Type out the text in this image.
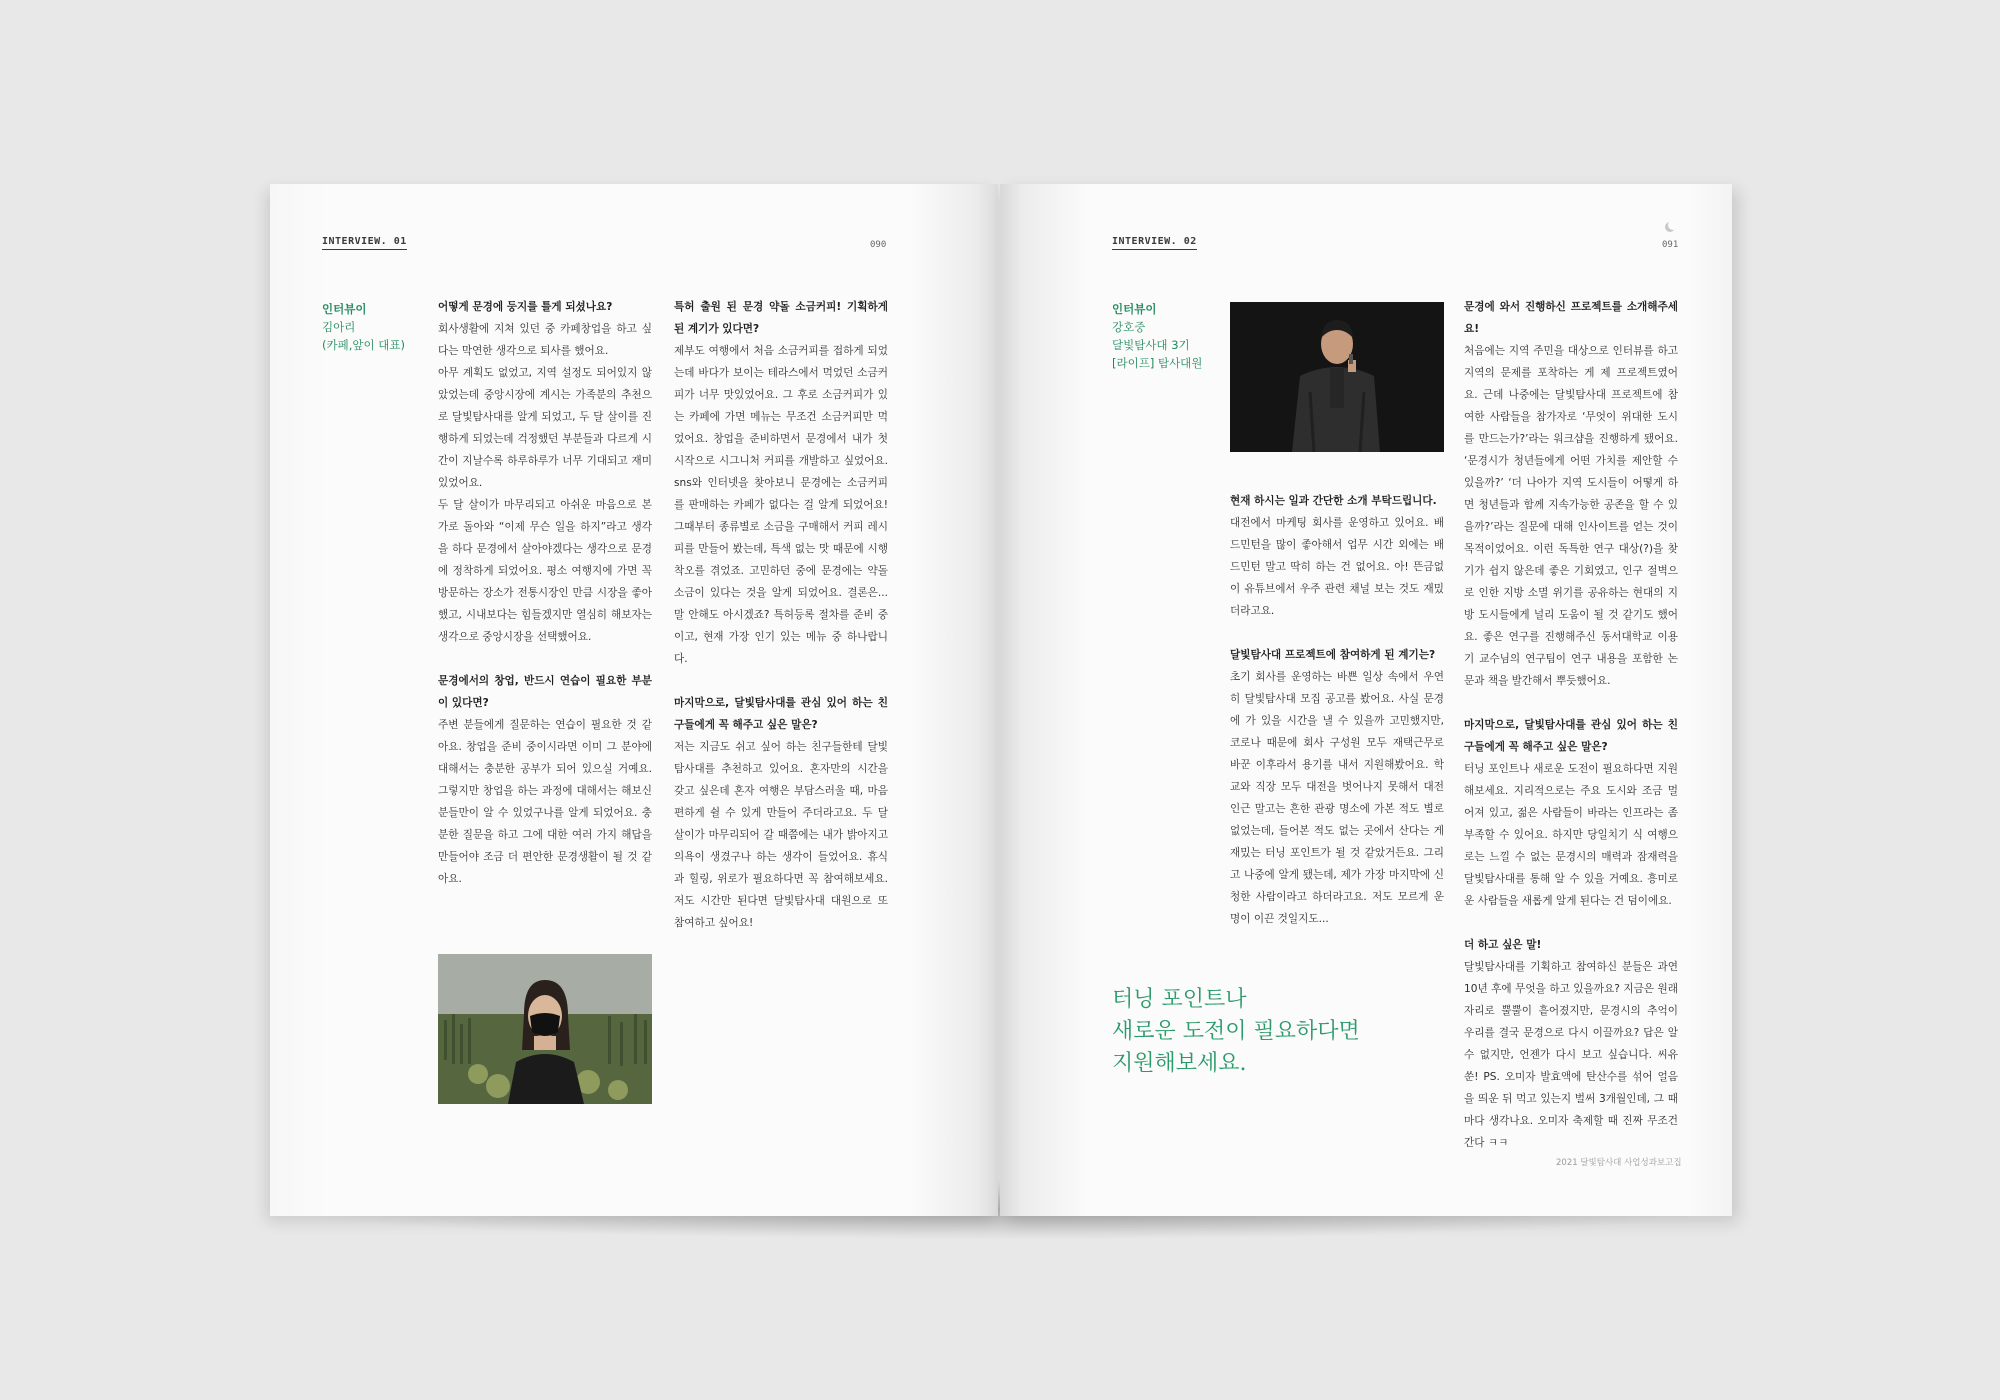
INTERVIEW. 01	090
인터뷰이
김아리
(카페,앞이 대표)

어떻게 문경에 둥지를 틀게 되셨나요?

회사생활에 지쳐 있던 중 카페창업을 하고 싶다는 막연한 생각으로 퇴사를 했어요.

아무 계획도 없었고, 지역 설정도 되어있지 않았었는데 중앙시장에 계시는 가족분의 추천으로 달빛탐사대를 알게 되었고, 두 달 살이를 진행하게 되었는데 걱정했던 부분들과 다르게 시간이 지날수록 하루하루가 너무 기대되고 재미있었어요.

두 달 살이가 마무리되고 아쉬운 마음으로 본가로 돌아와 “이제 무슨 일을 하지”라고 생각을 하다 문경에서 살아야겠다는 생각으로 문경에 정착하게 되었어요. 평소 여행지에 가면 꼭 방문하는 장소가 전통시장인 만큼 시장을 좋아했고, 시내보다는 힘들겠지만 열심히 해보자는 생각으로 중앙시장을 선택했어요.

문경에서의 창업, 반드시 연습이 필요한 부분이 있다면?

주변 분들에게 질문하는 연습이 필요한 것 같아요. 창업을 준비 중이시라면 이미 그 분야에 대해서는 충분한 공부가 되어 있으실 거예요. 그렇지만 창업을 하는 과정에 대해서는 해보신 분들만이 알 수 있었구나를 알게 되었어요. 충분한 질문을 하고 그에 대한 여러 가지 해답을 만들어야 조금 더 편안한 문경생활이 될 것 같아요.

특허 출원 된 문경 약돌 소금커피! 기획하게 된 계기가 있다면?

제부도 여행에서 처음 소금커피를 접하게 되었는데 바다가 보이는 테라스에서 먹었던 소금커피가 너무 맛있었어요. 그 후로 소금커피가 있는 카페에 가면 메뉴는 무조건 소금커피만 먹었어요. 창업을 준비하면서 문경에서 내가 첫 시작으로 시그니처 커피를 개발하고 싶었어요. sns와 인터넷을 찾아보니 문경에는 소금커피를 판매하는 카페가 없다는 걸 알게 되었어요! 그때부터 종류별로 소금을 구매해서 커피 레시피를 만들어 봤는데, 특색 없는 맛 때문에 시행착오를 겪었죠. 고민하던 중에 문경에는 약돌 소금이 있다는 것을 알게 되었어요. 결론은...말 안해도 아시겠죠? 특허등록 절차를 준비 중이고, 현재 가장 인기 있는 메뉴 중 하나랍니다.

마지막으로, 달빛탐사대를 관심 있어 하는 친구들에게 꼭 해주고 싶은 말은?

저는 지금도 쉬고 싶어 하는 친구들한테 달빛탐사대를 추천하고 있어요. 혼자만의 시간을 갖고 싶은데 혼자 여행은 부담스러울 때, 마음 편하게 쉴 수 있게 만들어 주더라고요. 두 달 살이가 마무리되어 갈 때쯤에는 내가 밝아지고 의욕이 생겼구나 하는 생각이 들었어요. 휴식과 힐링, 위로가 필요하다면 꼭 참여해보세요. 저도 시간만 된다면 달빛탐사대 대원으로 또 참여하고 싶어요!

INTERVIEW. 02	091
인터뷰이
강호중
달빛탐사대 3기
[라이프] 탐사대원

현재 하시는 일과 간단한 소개 부탁드립니다.

대전에서 마케팅 회사를 운영하고 있어요. 배드민턴을 많이 좋아해서 업무 시간 외에는 배드민턴 말고 딱히 하는 건 없어요. 아! 뜬금없이 유튜브에서 우주 관련 채널 보는 것도 재밌더라고요.

달빛탐사대 프로젝트에 참여하게 된 계기는?

초기 회사를 운영하는 바쁜 일상 속에서 우연히 달빛탐사대 모집 공고를 봤어요. 사실 문경에 가 있을 시간을 낼 수 있을까 고민했지만, 코로나 때문에 회사 구성원 모두 재택근무로 바꾼 이후라서 용기를 내서 지원해봤어요. 학교와 직장 모두 대전을 벗어나지 못해서 대전 인근 말고는 흔한 관광 명소에 가본 적도 별로 없었는데, 들어본 적도 없는 곳에서 산다는 게 재밌는 터닝 포인트가 될 것 같았거든요. 그리고 나중에 알게 됐는데, 제가 가장 마지막에 신청한 사람이라고 하더라고요. 저도 모르게 운명이 이끈 것일지도...

터닝 포인트나
새로운 도전이 필요하다면
지원해보세요.

문경에 와서 진행하신 프로젝트를 소개해주세요!

처음에는 지역 주민을 대상으로 인터뷰를 하고 지역의 문제를 포착하는 게 제 프로젝트였어요. 근데 나중에는 달빛탐사대 프로젝트에 참여한 사람들을 참가자로 ‘무엇이 위대한 도시를 만드는가?’라는 워크샵을 진행하게 됐어요. ‘문경시가 청년들에게 어떤 가치를 제안할 수 있을까?’ ‘더 나아가 지역 도시들이 어떻게 하면 청년들과 함께 지속가능한 공존을 할 수 있을까?’라는 질문에 대해 인사이트를 얻는 것이 목적이었어요. 이런 독특한 연구 대상(?)을 찾기가 쉽지 않은데 좋은 기회였고, 인구 절벽으로 인한 지방 소멸 위기를 공유하는 현대의 지방 도시들에게 널리 도움이 될 것 같기도 했어요. 좋은 연구를 진행해주신 동서대학교 이용기 교수님의 연구팀이 연구 내용을 포함한 논문과 책을 발간해서 뿌듯했어요.

마지막으로, 달빛탐사대를 관심 있어 하는 친구들에게 꼭 해주고 싶은 말은?

터닝 포인트나 새로운 도전이 필요하다면 지원해보세요. 지리적으로는 주요 도시와 조금 멀어져 있고, 젊은 사람들이 바라는 인프라는 좀 부족할 수 있어요. 하지만 당일치기 식 여행으로는 느낄 수 없는 문경시의 매력과 잠재력을 달빛탐사대를 통해 알 수 있을 거예요. 흥미로운 사람들을 새롭게 알게 된다는 건 덤이에요.

더 하고 싶은 말!

달빛탐사대를 기획하고 참여하신 분들은 과연 10년 후에 무엇을 하고 있을까요? 지금은 원래 자리로 뿔뿔이 흩어졌지만, 문경시의 추억이 우리를 결국 문경으로 다시 이끌까요? 답은 알 수 없지만, 언젠가 다시 보고 싶습니다. 씨유쑨! PS. 오미자 발효액에 탄산수를 섞어 얼음을 띄운 뒤 먹고 있는지 벌써 3개월인데, 그 때마다 생각나요. 오미자 축제할 때 진짜 무조건 간다 ㅋㅋ

2021 달빛탐사대 사업성과보고집
